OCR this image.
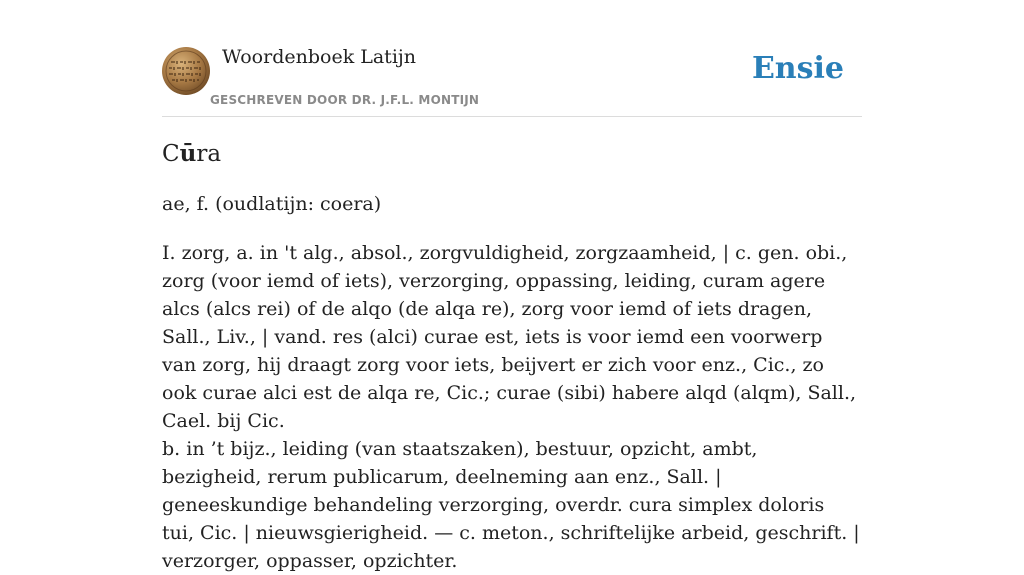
Woordenboek Latijn
GESCHREVEN DOOR DR. J.F.L. MONTIJN
Ensie
Cūra
ae, f. (oudlatijn: coera)

I. zorg, a. in 't alg., absol., zorgvuldigheid, zorgzaamheid, | c. gen. obi., zorg (voor iemd of iets), verzorging, oppassing, leiding, curam agere alcs (alcs rei) of de alqo (de alqa re), zorg voor iemd of iets dragen, Sall., Liv., | vand. res (alci) curae est, iets is voor iemd een voorwerp van zorg, hij draagt zorg voor iets, beijvert er zich voor enz., Cic., zo ook curae alci est de alqa re, Cic.; curae (sibi) habere alqd (alqm), Sall., Cael. bij Cic.

b. in ’t bijz., leiding (van staatszaken), bestuur, opzicht, ambt, bezigheid, rerum publicarum, deelneming aan enz., Sall. | geneeskundige behandeling verzorging, overdr. cura simplex doloris tui, Cic. | nieuwsgierigheid. — c. meton., schriftelijke arbeid, geschrift. | verzorger, oppasser, opzichter.
